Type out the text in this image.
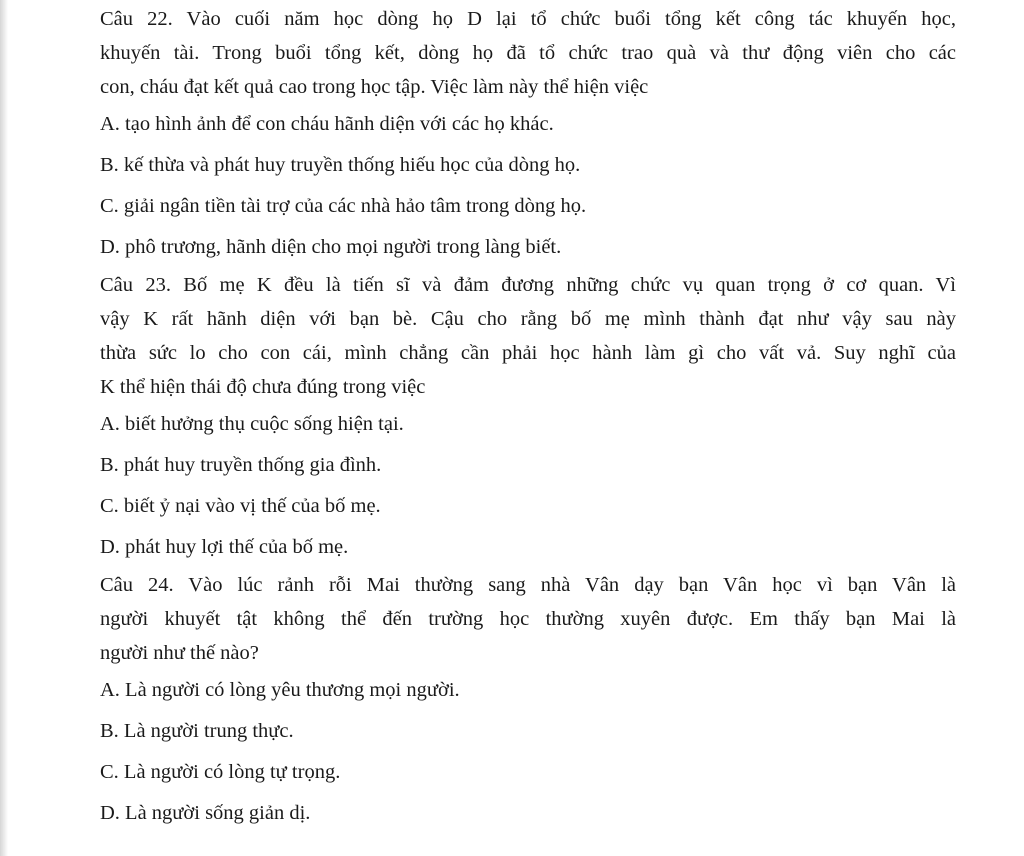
Câu 22. Vào cuối năm học dòng họ D lại tổ chức buổi tổng kết công tác khuyến học,
khuyến tài. Trong buổi tổng kết, dòng họ đã tổ chức trao quà và thư động viên cho các
con, cháu đạt kết quả cao trong học tập. Việc làm này thể hiện việc

A. tạo hình ảnh để con cháu hãnh diện với các họ khác.

B. kế thừa và phát huy truyền thống hiếu học của dòng họ.

C. giải ngân tiền tài trợ của các nhà hảo tâm trong dòng họ.

D. phô trương, hãnh diện cho mọi người trong làng biết.

Câu 23. Bố mẹ K đều là tiến sĩ và đảm đương những chức vụ quan trọng ở cơ quan. Vì
vậy K rất hãnh diện với bạn bè. Cậu cho rằng bố mẹ mình thành đạt như vậy sau này
thừa sức lo cho con cái, mình chẳng cần phải học hành làm gì cho vất vả. Suy nghĩ của
K thể hiện thái độ chưa đúng trong việc

A. biết hưởng thụ cuộc sống hiện tại.

B. phát huy truyền thống gia đình.

C. biết ỷ nại vào vị thế của bố mẹ.

D. phát huy lợi thế của bố mẹ.

Câu 24. Vào lúc rảnh rỗi Mai thường sang nhà Vân dạy bạn Vân học vì bạn Vân là
người khuyết tật không thể đến trường học thường xuyên được. Em thấy bạn Mai là
người như thế nào?

A. Là người có lòng yêu thương mọi người.

B. Là người trung thực.

C. Là người có lòng tự trọng.

D. Là người sống giản dị.
